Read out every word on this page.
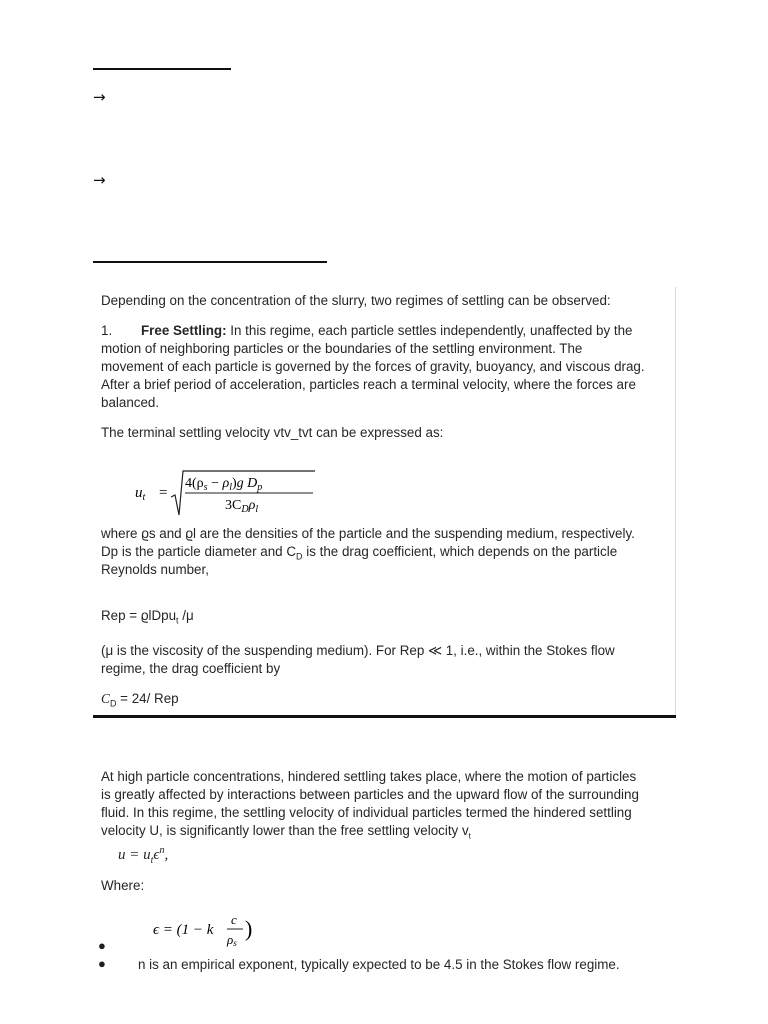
→
→
Depending on the concentration of the slurry, two regimes of settling can be observed:
1. Free Settling: In this regime, each particle settles independently, unaffected by the
motion of neighboring particles or the boundaries of the settling environment. The
movement of each particle is governed by the forces of gravity, buoyancy, and viscous drag.
After a brief period of acceleration, particles reach a terminal velocity, where the forces are
balanced.
The terminal settling velocity vtv_tvt can be expressed as:
$u_t$ =
$4(\rho_s - \rho_l)g$ $D_p$
$3C_D\rho_l$
where ϱs and ϱl are the densities of the particle and the suspending medium, respectively.
Dp is the particle diameter and $C_D$ is the drag coefficient, which depends on the particle
Reynolds number,
Rep = ϱlDpu$_t$ /μ
(μ is the viscosity of the suspending medium). For Rep ≪ 1, i.e., within the Stokes flow
regime, the drag coefficient by
$C_D = 24/$ Rep
At high particle concentrations, hindered settling takes place, where the motion of particles
is greatly affected by interactions between particles and the upward flow of the surrounding
fluid. In this regime, the settling velocity of individual particles termed the hindered settling
velocity U, is significantly lower than the free settling velocity $v_t$
$u = u_t\epsilon^n$,
Where:
ϵ = (1 − k
c
ρs
)
●
● n is an empirical exponent, typically expected to be 4.5 in the Stokes flow regime.
